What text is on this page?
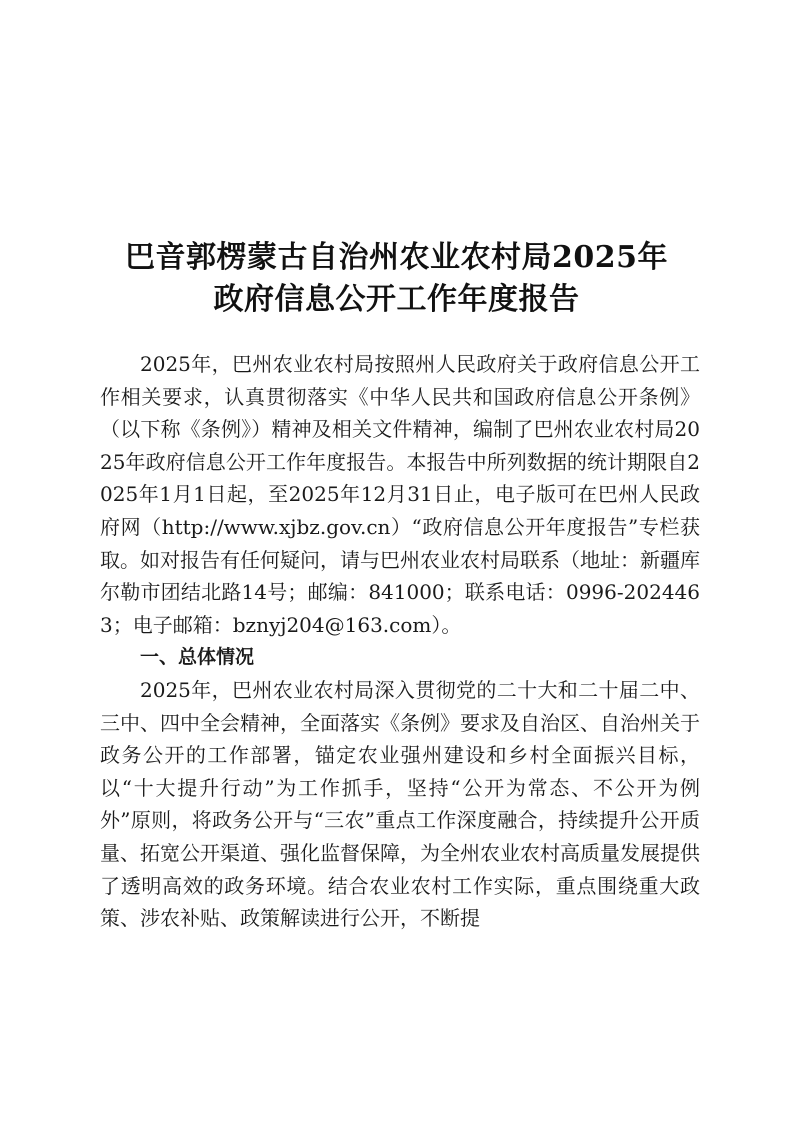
巴音郭楞蒙古自治州农业农村局2025年
政府信息公开工作年度报告

2025年，巴州农业农村局按照州人民政府关于政府信息公开工作相关要求，认真贯彻落实《中华人民共和国政府信息公开条例》（以下称《条例》）精神及相关文件精神，编制了巴州农业农村局2025年政府信息公开工作年度报告。本报告中所列数据的统计期限自2025年1月1日起，至2025年12月31日止，电子版可在巴州人民政府网（http://www.xjbz.gov.cn）“政府信息公开年度报告”专栏获取。如对报告有任何疑问，请与巴州农业农村局联系（地址：新疆库尔勒市团结北路14号；邮编：841000；联系电话：0996-2024463；电子邮箱：bznyj204@163.com）。

一、总体情况

2025年，巴州农业农村局深入贯彻党的二十大和二十届二中、三中、四中全会精神，全面落实《条例》要求及自治区、自治州关于政务公开的工作部署，锚定农业强州建设和乡村全面振兴目标，以“十大提升行动”为工作抓手，坚持“公开为常态、不公开为例外”原则，将政务公开与“三农”重点工作深度融合，持续提升公开质量、拓宽公开渠道、强化监督保障，为全州农业农村高质量发展提供了透明高效的政务环境。结合农业农村工作实际，重点围绕重大政策、涉农补贴、政策解读进行公开，不断提
